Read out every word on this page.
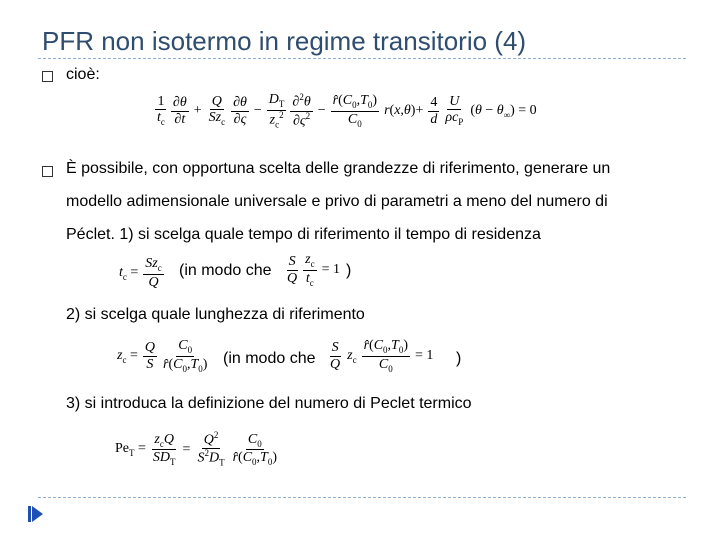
PFR non isotermo in regime transitorio (4)
cioè:
$\frac{1}{t_c} \frac{\partial\theta}{\partial t} + \frac{Q}{Sz_c} \frac{\partial\theta}{\partial\varsigma} - \frac{D_T}{z_c^2} \frac{\partial^2\theta}{\partial\varsigma^2} - \frac{r̂(C_0,T_0)}{C_0} r(x,\theta)+ \frac{4}{d} \frac{U}{\rho c_P} (\theta - \theta_\infty) = 0$
È possibile, con opportuna scelta delle grandezze di riferimento, generare un
modello adimensionale universale e privo di parametri a meno del numero di
Péclet. 1) si scelga quale tempo di riferimento il tempo di residenza
$t_c = \frac{Sz_c}{Q} (in$ modo che $\frac{S}{Q} \frac{z_c}{t_c} = 1$ )
2) si scelga quale lunghezza di riferimento
$z_c = \frac{Q}{S} \frac{C_0}{r̂(C_0,T_0)} (in$ modo che $\frac{S}{Q} z_c \frac{r̂(C_0,T_0)}{C_0} = 1$ )
3) si introduca la definizione del numero di Peclet termico
$Pe_T = \frac{z_cQ}{SD_T} = \frac{Q^2}{S^2D_T} \frac{C_0}{r̂(C_0,T_0)}$
